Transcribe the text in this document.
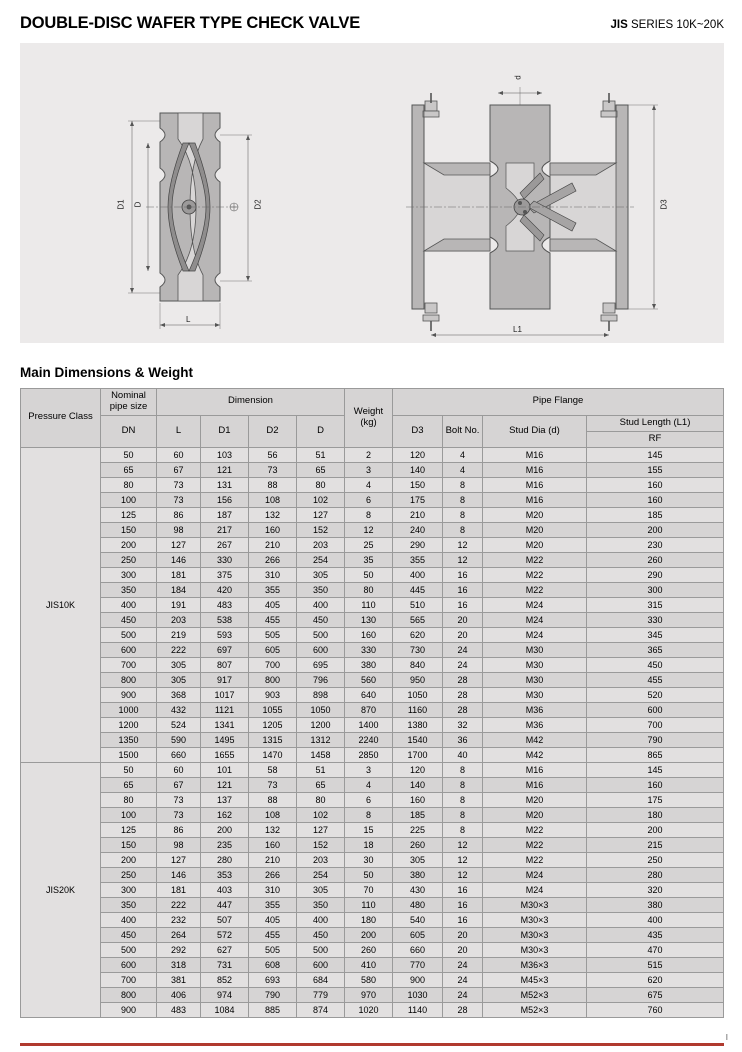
DOUBLE-DISC WAFER TYPE CHECK VALVE	JIS SERIES 10K~20K
D1 D	D2
L
d
D3
L1
Main Dimensions & Weight
Pressure Class	Nominal pipe size	Dimension				Weight (kg)	Pipe Flange			
	DN	L	D1	D2	D		D3	Bolt No.	Stud Dia (d)	Stud Length (L1)
										RF
JIS10K	50	60	103	56	51	2	120	4	M16	145
	65	67	121	73	65	3	140	4	M16	155
	80	73	131	88	80	4	150	8	M16	160
	100	73	156	108	102	6	175	8	M16	160
	125	86	187	132	127	8	210	8	M20	185
	150	98	217	160	152	12	240	8	M20	200
	200	127	267	210	203	25	290	12	M20	230
	250	146	330	266	254	35	355	12	M22	260
	300	181	375	310	305	50	400	16	M22	290
	350	184	420	355	350	80	445	16	M22	300
	400	191	483	405	400	110	510	16	M24	315
	450	203	538	455	450	130	565	20	M24	330
	500	219	593	505	500	160	620	20	M24	345
	600	222	697	605	600	330	730	24	M30	365
	700	305	807	700	695	380	840	24	M30	450
	800	305	917	800	796	560	950	28	M30	455
	900	368	1017	903	898	640	1050	28	M30	520
	1000	432	1121	1055	1050	870	1160	28	M36	600
	1200	524	1341	1205	1200	1400	1380	32	M36	700
	1350	590	1495	1315	1312	2240	1540	36	M42	790
	1500	660	1655	1470	1458	2850	1700	40	M42	865
JIS20K	50	60	101	58	51	3	120	8	M16	145
	65	67	121	73	65	4	140	8	M16	160
	80	73	137	88	80	6	160	8	M20	175
	100	73	162	108	102	8	185	8	M20	180
	125	86	200	132	127	15	225	8	M22	200
	150	98	235	160	152	18	260	12	M22	215
	200	127	280	210	203	30	305	12	M22	250
	250	146	353	266	254	50	380	12	M24	280
	300	181	403	310	305	70	430	16	M24	320
	350	222	447	355	350	110	480	16	M30×3	380
	400	232	507	405	400	180	540	16	M30×3	400
	450	264	572	455	450	200	605	20	M30×3	435
	500	292	627	505	500	260	660	20	M30×3	470
	600	318	731	608	600	410	770	24	M36×3	515
	700	381	852	693	684	580	900	24	M45×3	620
	800	406	974	790	779	970	1030	24	M52×3	675
	900	483	1084	885	874	1020	1140	28	M52×3	760
I
